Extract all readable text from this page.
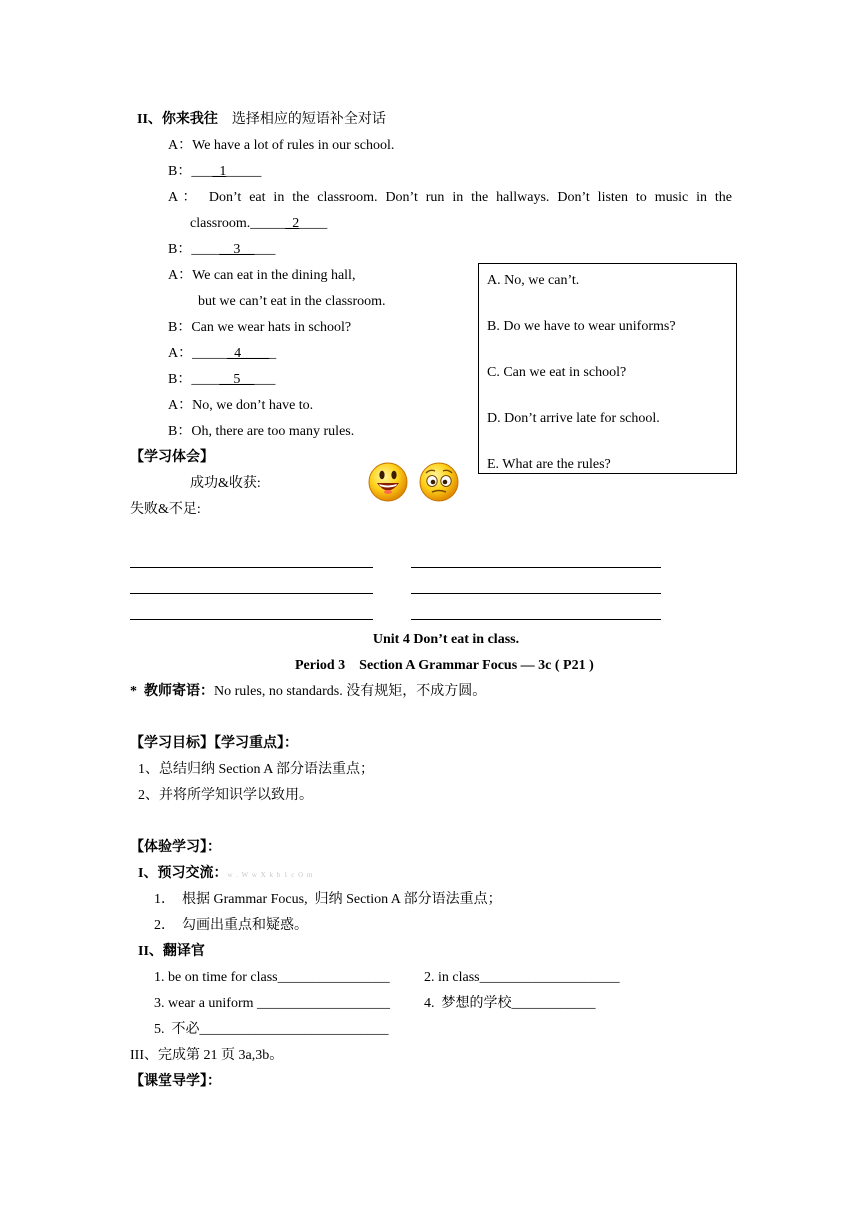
II、你来我往 选择相应的短语补全对话
A：We have a lot of rules in our school.
B：____1_____
A： Don’t eat in the classroom. Don’t run in the hallways. Don’t listen to music in the
classroom.______2____
B：______3_____
A：We can eat in the dining hall,
but we can’t eat in the classroom.
B：Can we wear hats in school?
A：______4_____
B：______5_____
A：No, we don’t have to.
B：Oh, there are too many rules.
A. No, we can’t.
B. Do we have to wear uniforms?
C. Can we eat in school?
D. Don’t arrive late for school.
E. What are the rules?
【学习体会】
成功&收获:
失败&不足:
Unit 4 Don’t eat in class.
Period 3    Section A Grammar Focus — 3c ( P21 )
* 教师寄语：No rules, no standards. 没有规矩，不成方圆。
【学习目标】【学习重点】：
1、总结归纳 Section A 部分语法重点；
2、并将所学知识学以致用。
【体验学习】：
I、预习交流：w . W w X k b 1 c O m
1．  根据 Grammar Focus,  归纳 Section A 部分语法重点；
2．  勾画出重点和疑惑。
II、翻译官
1. be on time for class________________ 2. in class____________________
3. wear a uniform ___________________ 4.  梦想的学校____________
5.  不必___________________________
III、完成第 21 页 3a,3b。
【课堂导学】：
